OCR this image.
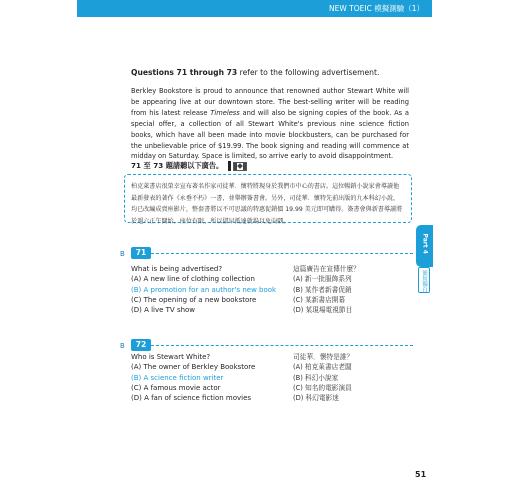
NEW TOEIC 模擬測驗（1）
Questions 71 through 73 refer to the following advertisement.
Berkley Bookstore is proud to announce that renowned author Stewart White will be appearing live at our downtown store. The best-selling writer will be reading from his latest release Timeless and will also be signing copies of the book. As a special offer, a collection of all Stewart White's previous nine science fiction books, which have all been made into movie blockbusters, can be purchased for the unbelievable price of $19.99. The book signing and reading will commence at midday on Saturday. Space is limited, so arrive early to avoid disappointment.
71 至 73 題請聽以下廣告。
柏克萊書店很榮幸宣布著名作家司徒華．懷特將現身於我們市中心的書店。這位暢銷小說家會導讀他最新發表的著作《永垂不朽》一書，並舉辦簽書會。另外，司徒華．懷特先前出版的九本科幻小說，均已改編成賣座影片，整套書將以不可思議的特惠促銷價 19.99 美元即可購得。簽書會與新書導讀將於週六正午開始。座位有限，所以儘早抵達就場以免向隅。
Part 4
簡短獨白
B	71
What is being advertised?
(A) A new line of clothing collection
(B) A promotion for an author's new book
(C) The opening of a new bookstore
(D) A live TV show
這篇廣告在宣傳什麼？
(A) 新一批服飾系列
(B) 某作者新書促銷
(C) 某新書店開幕
(D) 某現場電視節目
B	72
Who is Stewart White?
(A) The owner of Berkley Bookstore
(B) A science fiction writer
(C) A famous movie actor
(D) A fan of science fiction movies
司徒華．懷特是誰？
(A) 柏克萊書店老闆
(B) 科幻小說家
(C) 知名的電影演員
(D) 科幻電影迷
51
